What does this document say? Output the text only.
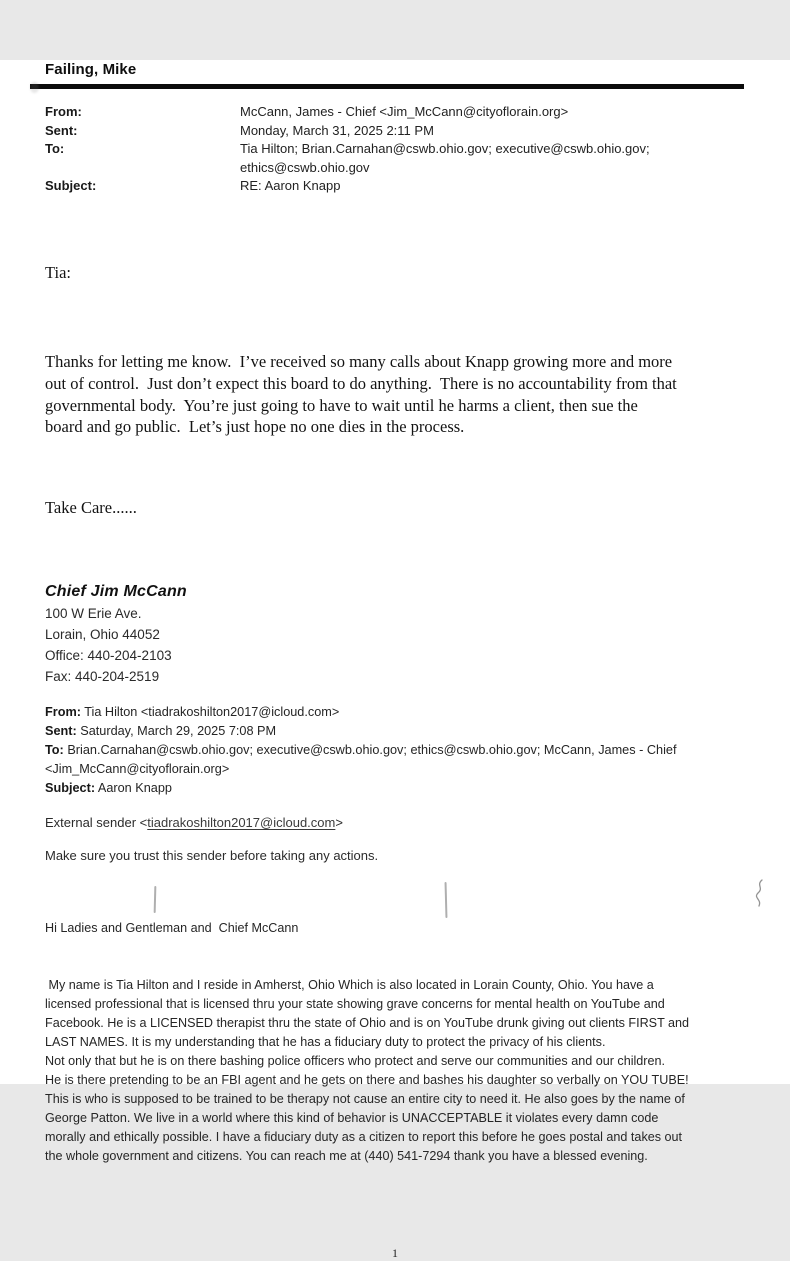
Failing, Mike
From:	McCann, James - Chief <Jim_McCann@cityoflorain.org>
Sent:	Monday, March 31, 2025 2:11 PM
To:	Tia Hilton; Brian.Carnahan@cswb.ohio.gov; executive@cswb.ohio.gov;
ethics@cswb.ohio.gov
Subject:	RE: Aaron Knapp

Tia:

Thanks for letting me know.  I’ve received so many calls about Knapp growing more and more
out of control.  Just don’t expect this board to do anything.  There is no accountability from that
governmental body.  You’re just going to have to wait until he harms a client, then sue the
board and go public.  Let’s just hope no one dies in the process.

Take Care......

Chief Jim McCann
100 W Erie Ave.
Lorain, Ohio 44052
Office: 440-204-2103
Fax: 440-204-2519
From: Tia Hilton <tiadrakoshilton2017@icloud.com>
Sent: Saturday, March 29, 2025 7:08 PM
To: Brian.Carnahan@cswb.ohio.gov; executive@cswb.ohio.gov; ethics@cswb.ohio.gov; McCann, James - Chief
<Jim_McCann@cityoflorain.org>
Subject: Aaron Knapp
External sender <tiadrakoshilton2017@icloud.com>
Make sure you trust this sender before taking any actions.

Hi Ladies and Gentleman and  Chief McCann

My name is Tia Hilton and I reside in Amherst, Ohio Which is also located in Lorain County, Ohio. You have a
licensed professional that is licensed thru your state showing grave concerns for mental health on YouTube and
Facebook. He is a LICENSED therapist thru the state of Ohio and is on YouTube drunk giving out clients FIRST and
LAST NAMES. It is my understanding that he has a fiduciary duty to protect the privacy of his clients.
Not only that but he is on there bashing police officers who protect and serve our communities and our children.
He is there pretending to be an FBI agent and he gets on there and bashes his daughter so verbally on YOU TUBE!
This is who is supposed to be trained to be therapy not cause an entire city to need it. He also goes by the name of
George Patton. We live in a world where this kind of behavior is UNACCEPTABLE it violates every damn code
morally and ethically possible. I have a fiduciary duty as a citizen to report this before he goes postal and takes out
the whole government and citizens. You can reach me at (440) 541-7294 thank you have a blessed evening.

1
